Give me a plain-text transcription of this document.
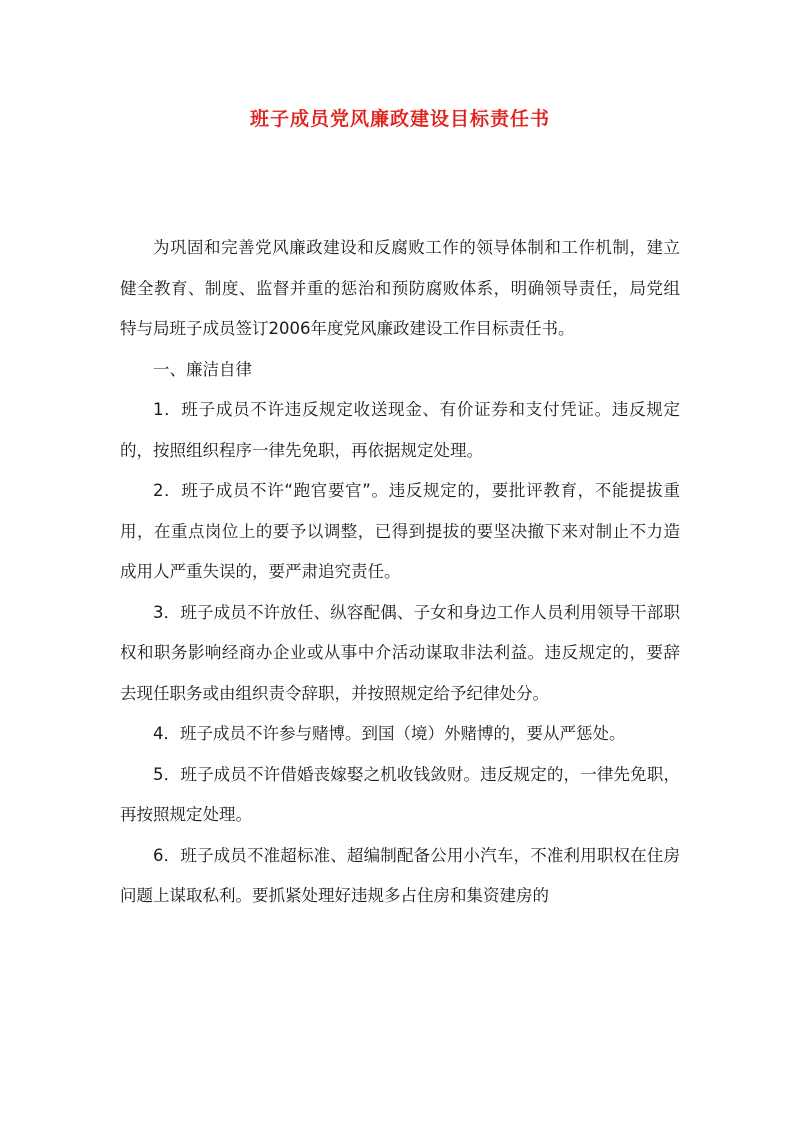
班子成员党风廉政建设目标责任书

为巩固和完善党风廉政建设和反腐败工作的领导体制和工作机制，建立健全教育、制度、监督并重的惩治和预防腐败体系，明确领导责任，局党组特与局班子成员签订2006年度党风廉政建设工作目标责任书。

一、廉洁自律

1．班子成员不许违反规定收送现金、有价证券和支付凭证。违反规定的，按照组织程序一律先免职，再依据规定处理。

2．班子成员不许“跑官要官”。违反规定的，要批评教育，不能提拔重用，在重点岗位上的要予以调整，已得到提拔的要坚决撤下来对制止不力造成用人严重失误的，要严肃追究责任。

3．班子成员不许放任、纵容配偶、子女和身边工作人员利用领导干部职权和职务影响经商办企业或从事中介活动谋取非法利益。违反规定的，要辞去现任职务或由组织责令辞职，并按照规定给予纪律处分。

4．班子成员不许参与赌博。到国（境）外赌博的，要从严惩处。

5．班子成员不许借婚丧嫁娶之机收钱敛财。违反规定的，一律先免职，再按照规定处理。

6．班子成员不准超标准、超编制配备公用小汽车，不准利用职权在住房问题上谋取私利。要抓紧处理好违规多占住房和集资建房的
